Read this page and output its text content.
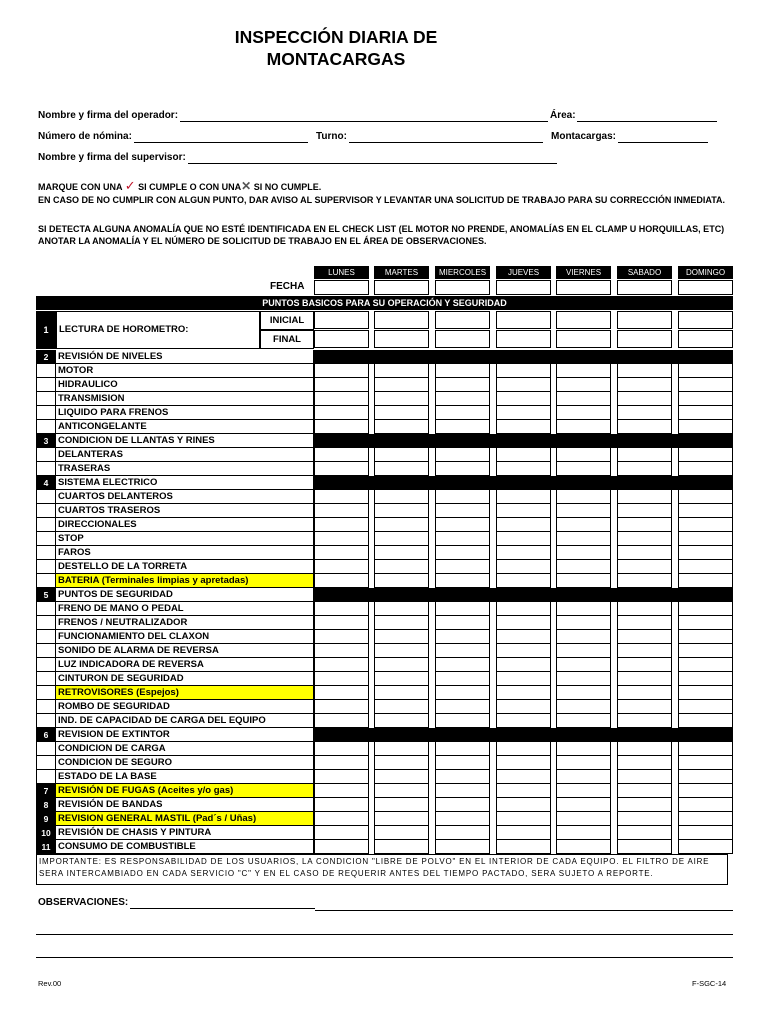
INSPECCIÓN DIARIA DE
MONTACARGAS
Nombre y firma del operador:	Área:
Número de nómina:	Turno:	Montacargas:
Nombre y firma del supervisor:
MARQUE CON UNA ✓ SI CUMPLE O CON UNA✕ SI NO CUMPLE.
EN CASO DE NO CUMPLIR CON ALGUN PUNTO, DAR AVISO AL SUPERVISOR Y LEVANTAR UNA SOLICITUD DE TRABAJO PARA SU CORRECCIÓN INMEDIATA.
SI DETECTA ALGUNA ANOMALÍA QUE NO ESTÉ IDENTIFICADA EN EL CHECK LIST (EL MOTOR NO PRENDE, ANOMALÍAS EN EL CLAMP U HORQUILLAS, ETC) ANOTAR LA ANOMALÍA Y EL NÚMERO DE SOLICITUD DE TRABAJO EN EL ÁREA DE OBSERVACIONES.
LUNES	MARTES	MIERCOLES	JUEVES	VIERNES	SABADO	DOMINGO
FECHA
PUNTOS BASICOS PARA SU OPERACIÓN Y SEGURIDAD
1	LECTURA DE HOROMETRO:
INICIAL
FINAL
2	REVISIÓN DE NIVELES
MOTOR
HIDRAULICO
TRANSMISION
LIQUIDO PARA FRENOS
ANTICONGELANTE
3	CONDICION DE LLANTAS Y RINES
DELANTERAS
TRASERAS
4	SISTEMA ELECTRICO
CUARTOS DELANTEROS
CUARTOS TRASEROS
DIRECCIONALES
STOP
FAROS
DESTELLO DE LA TORRETA
BATERIA (Terminales limpias y apretadas)
5	PUNTOS DE SEGURIDAD
FRENO DE MANO O PEDAL
FRENOS / NEUTRALIZADOR
FUNCIONAMIENTO DEL CLAXON
SONIDO DE ALARMA DE REVERSA
LUZ INDICADORA DE REVERSA
CINTURON DE SEGURIDAD
RETROVISORES (Espejos)
ROMBO DE SEGURIDAD
IND. DE CAPACIDAD DE CARGA DEL EQUIPO
6	REVISION DE EXTINTOR
CONDICION DE CARGA
CONDICION DE SEGURO
ESTADO DE LA BASE
7	REVISIÓN DE FUGAS (Aceites y/o gas)
8	REVISIÓN DE BANDAS
9	REVISION GENERAL MASTIL (Pad´s / Uñas)
10 REVISIÓN DE CHASIS Y PINTURA
11 CONSUMO DE COMBUSTIBLE
IMPORTANTE: ES RESPONSABILIDAD DE LOS USUARIOS, LA CONDICION "LIBRE DE POLVO" EN EL INTERIOR DE CADA EQUIPO. EL FILTRO DE AIRE SERA INTERCAMBIADO EN CADA SERVICIO "C" Y EN EL CASO DE REQUERIR ANTES DEL TIEMPO PACTADO, SERA SUJETO A REPORTE.
OBSERVACIONES:
Rev.00	F-SGC-14
